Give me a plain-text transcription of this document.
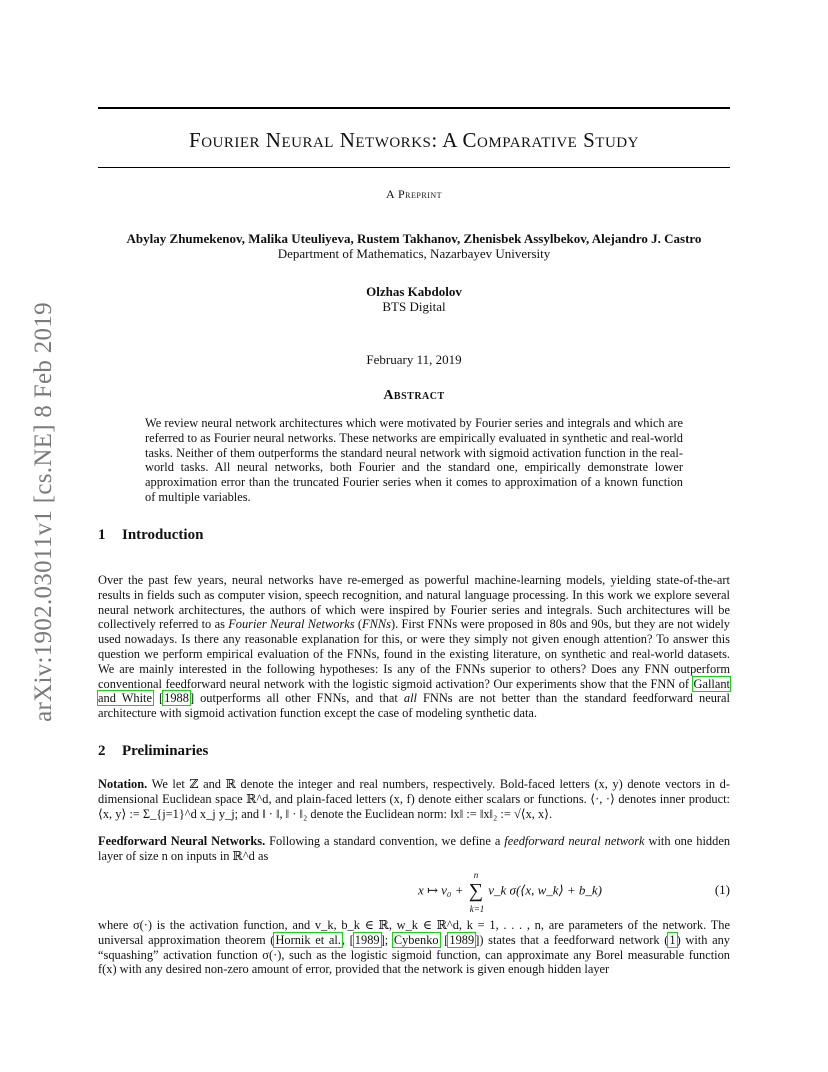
arXiv:1902.03011v1 [cs.NE] 8 Feb 2019
Fourier Neural Networks: A Comparative Study
A Preprint
Abylay Zhumekenov, Malika Uteuliyeva, Rustem Takhanov, Zhenisbek Assylbekov, Alejandro J. Castro
Department of Mathematics, Nazarbayev University
Olzhas Kabdolov
BTS Digital
February 11, 2019
Abstract
We review neural network architectures which were motivated by Fourier series and integrals and which are referred to as Fourier neural networks. These networks are empirically evaluated in synthetic and real-world tasks. Neither of them outperforms the standard neural network with sigmoid activation function in the real-world tasks. All neural networks, both Fourier and the standard one, empirically demonstrate lower approximation error than the truncated Fourier series when it comes to approximation of a known function of multiple variables.
1 Introduction
Over the past few years, neural networks have re-emerged as powerful machine-learning models, yielding state-of-the-art results in fields such as computer vision, speech recognition, and natural language processing. In this work we explore several neural network architectures, the authors of which were inspired by Fourier series and integrals. Such architectures will be collectively referred to as Fourier Neural Networks (FNNs). First FNNs were proposed in 80s and 90s, but they are not widely used nowadays. Is there any reasonable explanation for this, or were they simply not given enough attention? To answer this question we perform empirical evaluation of the FNNs, found in the existing literature, on synthetic and real-world datasets. We are mainly interested in the following hypotheses: Is any of the FNNs superior to others? Does any FNN outperform conventional feedforward neural network with the logistic sigmoid activation? Our experiments show that the FNN of Gallant and White [1988] outperforms all other FNNs, and that all FNNs are not better than the standard feedforward neural architecture with sigmoid activation function except the case of modeling synthetic data.
2 Preliminaries
Notation. We let ℤ and ℝ denote the integer and real numbers, respectively. Bold-faced letters (x, y) denote vectors in d-dimensional Euclidean space ℝ^d, and plain-faced letters (x, f) denote either scalars or functions. ⟨·, ·⟩ denotes inner product: ⟨x, y⟩ := Σ_{j=1}^d x_j y_j; and ‖ · ‖, ‖ · ‖₂ denote the Euclidean norm: ‖x‖ := ‖x‖₂ := √⟨x, x⟩.
Feedforward Neural Networks. Following a standard convention, we define a feedforward neural network with one hidden layer of size n on inputs in ℝ^d as
x ↦ v₀ + ∑
n
k=1
v_k σ(⟨x, w_k⟩ + b_k)	(1)
where σ(·) is the activation function, and v_k, b_k ∈ ℝ, w_k ∈ ℝ^d, k = 1, . . . , n, are parameters of the network. The universal approximation theorem (Hornik et al., [1989]; Cybenko [1989]) states that a feedforward network (1) with any “squashing” activation function σ(·), such as the logistic sigmoid function, can approximate any Borel measurable function f(x) with any desired non-zero amount of error, provided that the network is given enough hidden layer
